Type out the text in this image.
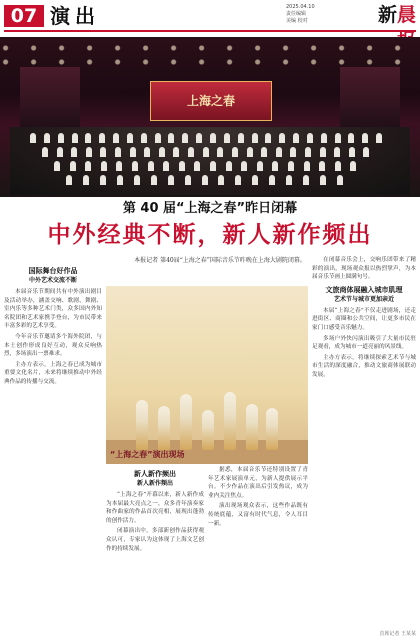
07 演出	2025.04.10
责任编辑
美编 校对	新晨
上海之春
第 40 届“上海之春”昨日闭幕
中外经典不断，新人新作频出
本报记者 第40届“上海之春”国际音乐节昨晚在上海大剧院闭幕。
国际舞台好作品
中外艺术交流不断

本届音乐节期间共有中外演出剧目及活动举办，涵盖交响、歌剧、舞剧、室内乐等多种艺术门类，众多国内外知名院团和艺术家携手登台，为市民带来丰富多彩的艺术享受。

今年音乐节邀请多个海外院团，与本土创作形成良好互动，观众反响热烈，多场演出一票难求。

主办方表示，上海之春已成为城市重要文化名片，未来将继续推动中外经典作品的传播与交流。

“上海之春”演出现场
新人新作频出
新人新作频出

“上海之春”开幕以来，新人新作成为本届最大亮点之一，众多青年演奏家和作曲家的作品首次亮相，展现出蓬勃的创作活力。

闭幕演出中，多部新创作品获得观众认可，专家认为这体现了上海文艺创作的持续发展。

据悉，本届音乐节还特别设置了青年艺术家展演单元，为新人提供展示平台。不少作品在演出后引发热议，成为业内关注焦点。

演出现场观众表示，这些作品既有传统底蕴，又富有时代气息，令人耳目一新。

在闭幕音乐会上，交响乐团带来了精彩的演出，现场观众报以热烈掌声，为本届音乐节画上圆满句号。

文旅商体展融入城市肌理
艺术节与城市更加亲近

本届“上海之春”不仅走进剧场，还走进街区、商圈和公共空间，让更多市民在家门口感受音乐魅力。

多场户外快闪演出吸引了大量市民驻足观看，成为城市一道亮丽的风景线。

主办方表示，将继续探索艺术节与城市生活的深度融合，推动文旅商体展联动发展。

首席记者 王某某
